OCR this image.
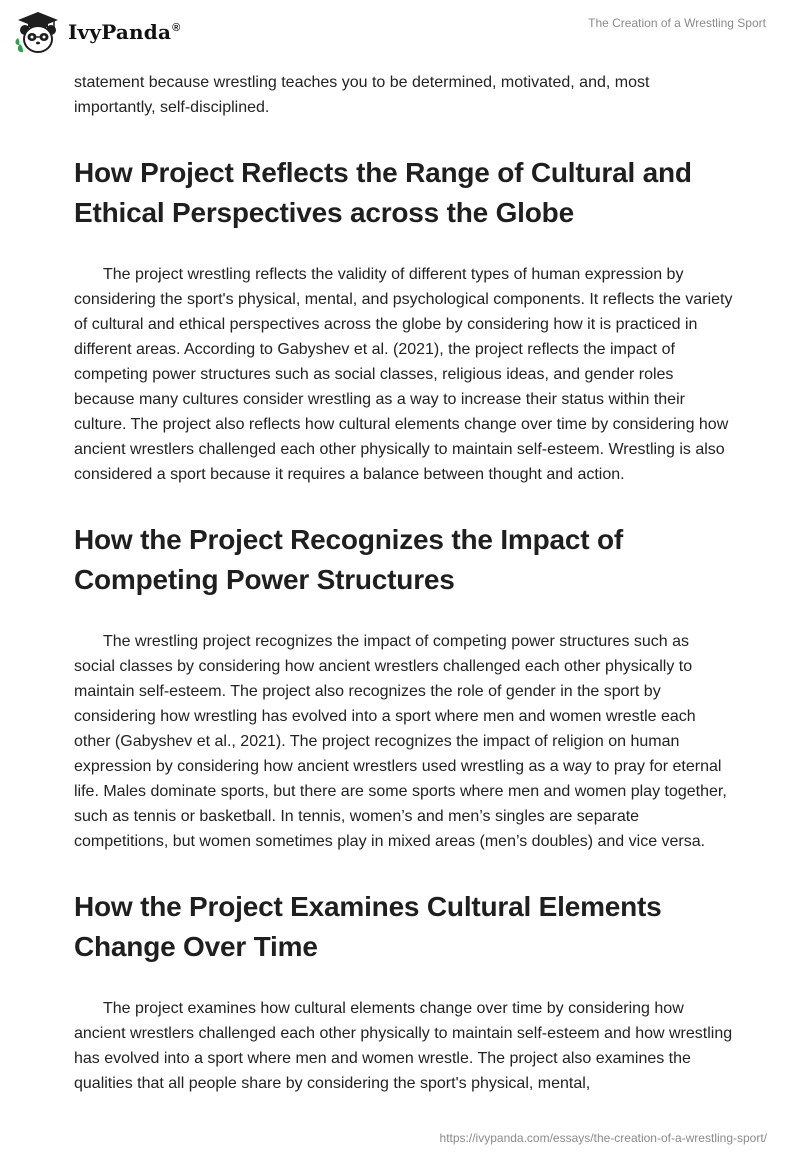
IvyPanda®	The Creation of a Wrestling Sport

statement because wrestling teaches you to be determined, motivated, and, most importantly, self-disciplined.

How Project Reflects the Range of Cultural and Ethical Perspectives across the Globe

The project wrestling reflects the validity of different types of human expression by considering the sport's physical, mental, and psychological components. It reflects the variety of cultural and ethical perspectives across the globe by considering how it is practiced in different areas. According to Gabyshev et al. (2021), the project reflects the impact of competing power structures such as social classes, religious ideas, and gender roles because many cultures consider wrestling as a way to increase their status within their culture. The project also reflects how cultural elements change over time by considering how ancient wrestlers challenged each other physically to maintain self-esteem. Wrestling is also considered a sport because it requires a balance between thought and action.

How the Project Recognizes the Impact of Competing Power Structures

The wrestling project recognizes the impact of competing power structures such as social classes by considering how ancient wrestlers challenged each other physically to maintain self-esteem. The project also recognizes the role of gender in the sport by considering how wrestling has evolved into a sport where men and women wrestle each other (Gabyshev et al., 2021). The project recognizes the impact of religion on human expression by considering how ancient wrestlers used wrestling as a way to pray for eternal life. Males dominate sports, but there are some sports where men and women play together, such as tennis or basketball. In tennis, women’s and men’s singles are separate competitions, but women sometimes play in mixed areas (men’s doubles) and vice versa.

How the Project Examines Cultural Elements Change Over Time

The project examines how cultural elements change over time by considering how ancient wrestlers challenged each other physically to maintain self-esteem and how wrestling has evolved into a sport where men and women wrestle. The project also examines the qualities that all people share by considering the sport's physical, mental,

https://ivypanda.com/essays/the-creation-of-a-wrestling-sport/
